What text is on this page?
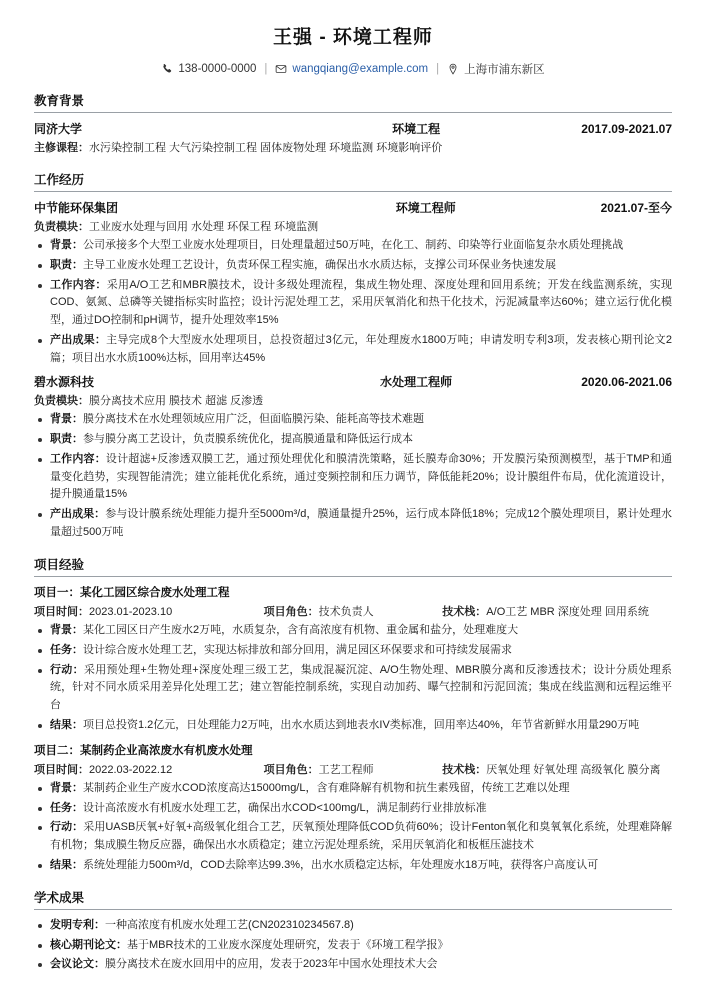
王强 - 环境工程师
138-0000-0000 | wangqiang@example.com | 上海市浦东新区
教育背景
同济大学	环境工程	2017.09-2021.07
主修课程：水污染控制工程 大气污染控制工程 固体废物处理 环境监测 环境影响评价
工作经历
中节能环保集团	环境工程师	2021.07-至今
负责模块：工业废水处理与回用 水处理 环保工程 环境监测
背景：公司承接多个大型工业废水处理项目，日处理量超过50万吨，在化工、制药、印染等行业面临复杂水质处理挑战
职责：主导工业废水处理工艺设计，负责环保工程实施，确保出水水质达标，支撑公司环保业务快速发展
工作内容：采用A/O工艺和MBR膜技术，设计多级处理流程，集成生物处理、深度处理和回用系统；开发在线监测系统，实现COD、氨氮、总磷等关键指标实时监控；设计污泥处理工艺，采用厌氧消化和热干化技术，污泥减量率达60%；建立运行优化模型，通过DO控制和pH调节，提升处理效率15%
产出成果：主导完成8个大型废水处理项目，总投资超过3亿元，年处理废水1800万吨；申请发明专利3项，发表核心期刊论文2篇；项目出水水质100%达标，回用率达45%
碧水源科技	水处理工程师	2020.06-2021.06
负责模块：膜分离技术应用 膜技术 超滤 反渗透
背景：膜分离技术在水处理领域应用广泛，但面临膜污染、能耗高等技术难题
职责：参与膜分离工艺设计，负责膜系统优化，提高膜通量和降低运行成本
工作内容：设计超滤+反渗透双膜工艺，通过预处理优化和膜清洗策略，延长膜寿命30%；开发膜污染预测模型，基于TMP和通量变化趋势，实现智能清洗；建立能耗优化系统，通过变频控制和压力调节，降低能耗20%；设计膜组件布局，优化流道设计，提升膜通量15%
产出成果：参与设计膜系统处理能力提升至5000m³/d，膜通量提升25%，运行成本降低18%；完成12个膜处理项目，累计处理水量超过500万吨
项目经验
项目一：某化工园区综合废水处理工程
项目时间：2023.01-2023.10	项目角色：技术负责人	技术栈：A/O工艺 MBR 深度处理 回用系统
背景：某化工园区日产生废水2万吨，水质复杂，含有高浓度有机物、重金属和盐分，处理难度大
任务：设计综合废水处理工艺，实现达标排放和部分回用，满足园区环保要求和可持续发展需求
行动：采用预处理+生物处理+深度处理三级工艺，集成混凝沉淀、A/O生物处理、MBR膜分离和反渗透技术；设计分质处理系统，针对不同水质采用差异化处理工艺；建立智能控制系统，实现自动加药、曝气控制和污泥回流；集成在线监测和远程运维平台
结果：项目总投资1.2亿元，日处理能力2万吨，出水水质达到地表水IV类标准，回用率达40%，年节省新鲜水用量290万吨
项目二：某制药企业高浓废水有机废水处理
项目时间：2022.03-2022.12	项目角色：工艺工程师	技术栈：厌氧处理 好氧处理 高级氧化 膜分离
背景：某制药企业生产废水COD浓度高达15000mg/L，含有难降解有机物和抗生素残留，传统工艺难以处理
任务：设计高浓废水有机废水处理工艺，确保出水COD<100mg/L，满足制药行业排放标准
行动：采用UASB厌氧+好氧+高级氧化组合工艺，厌氧预处理降低COD负荷60%；设计Fenton氧化和臭氧氧化系统，处理难降解有机物；集成膜生物反应器，确保出水水质稳定；建立污泥处理系统，采用厌氧消化和板框压滤技术
结果：系统处理能力500m³/d，COD去除率达99.3%，出水水质稳定达标，年处理废水18万吨，获得客户高度认可
学术成果
发明专利：一种高浓度有机废水处理工艺(CN202310234567.8)
核心期刊论文：基于MBR技术的工业废水深度处理研究，发表于《环境工程学报》
会议论文：膜分离技术在废水回用中的应用，发表于2023年中国水处理技术大会
